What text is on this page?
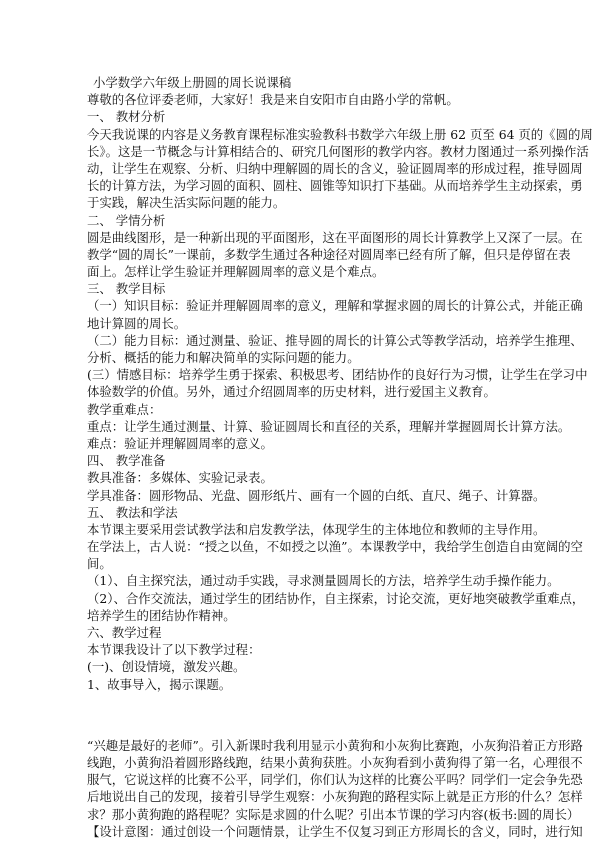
小学数学六年级上册圆的周长说课稿
尊敬的各位评委老师，大家好！我是来自安阳市自由路小学的常帆。
一、 教材分析
今天我说课的内容是义务教育课程标准实验教科书数学六年级上册 62 页至 64 页的《圆的周
长》。这是一节概念与计算相结合的、研究几何图形的教学内容。教材力图通过一系列操作活
动，让学生在观察、分析、归纳中理解圆的周长的含义，验证圆周率的形成过程，推导圆周
长的计算方法，为学习圆的面积、圆柱、圆锥等知识打下基础。从而培养学生主动探索，勇
于实践，解决生活实际问题的能力。
二、 学情分析
圆是曲线图形，是一种新出现的平面图形，这在平面图形的周长计算教学上又深了一层。在
教学“圆的周长”一课前，多数学生通过各种途径对圆周率已经有所了解，但只是停留在表
面上。怎样让学生验证并理解圆周率的意义是个难点。
三、 教学目标
（一）知识目标：验证并理解圆周率的意义，理解和掌握求圆的周长的计算公式，并能正确
地计算圆的周长。
（二）能力目标：通过测量、验证、推导圆的周长的计算公式等教学活动，培养学生推理、
分析、概括的能力和解决简单的实际问题的能力。
(三）情感目标：培养学生勇于探索、积极思考、团结协作的良好行为习惯，让学生在学习中
体验数学的价值。另外，通过介绍圆周率的历史材料，进行爱国主义教育。
教学重难点：
重点：让学生通过测量、计算、验证圆周长和直径的关系，理解并掌握圆周长计算方法。
难点：验证并理解圆周率的意义。
四、 教学准备
教具准备：多媒体、实验记录表。
学具准备：圆形物品、光盘、圆形纸片、画有一个圆的白纸、直尺、绳子、计算器。
五、 教法和学法
本节课主要采用尝试教学法和启发教学法，体现学生的主体地位和教师的主导作用。
在学法上，古人说：“授之以鱼，不如授之以渔”。本课教学中，我给学生创造自由宽阔的空
间。
（1）、自主探究法，通过动手实践，寻求测量圆周长的方法，培养学生动手操作能力。
（2）、合作交流法，通过学生的团结协作，自主探索，讨论交流，更好地突破教学重难点，
培养学生的团结协作精神。
六、教学过程
本节课我设计了以下教学过程：
(一)、创设情境，激发兴趣。
1、故事导入，揭示课题。
“兴趣是最好的老师”。引入新课时我利用显示小黄狗和小灰狗比赛跑，小灰狗沿着正方形路
线跑，小黄狗沿着圆形路线跑，结果小黄狗获胜。小灰狗看到小黄狗得了第一名，心理很不
服气，它说这样的比赛不公平，同学们，你们认为这样的比赛公平吗？同学们一定会争先恐
后地说出自己的发现，接着引导学生观察：小灰狗跑的路程实际上就是正方形的什么？怎样
求？那小黄狗跑的路程呢？实际是求圆的什么呢？引出本节课的学习内容(板书:圆的周长）
【设计意图：通过创设一个问题情景，让学生不仅复习到正方形周长的含义，同时，进行知
